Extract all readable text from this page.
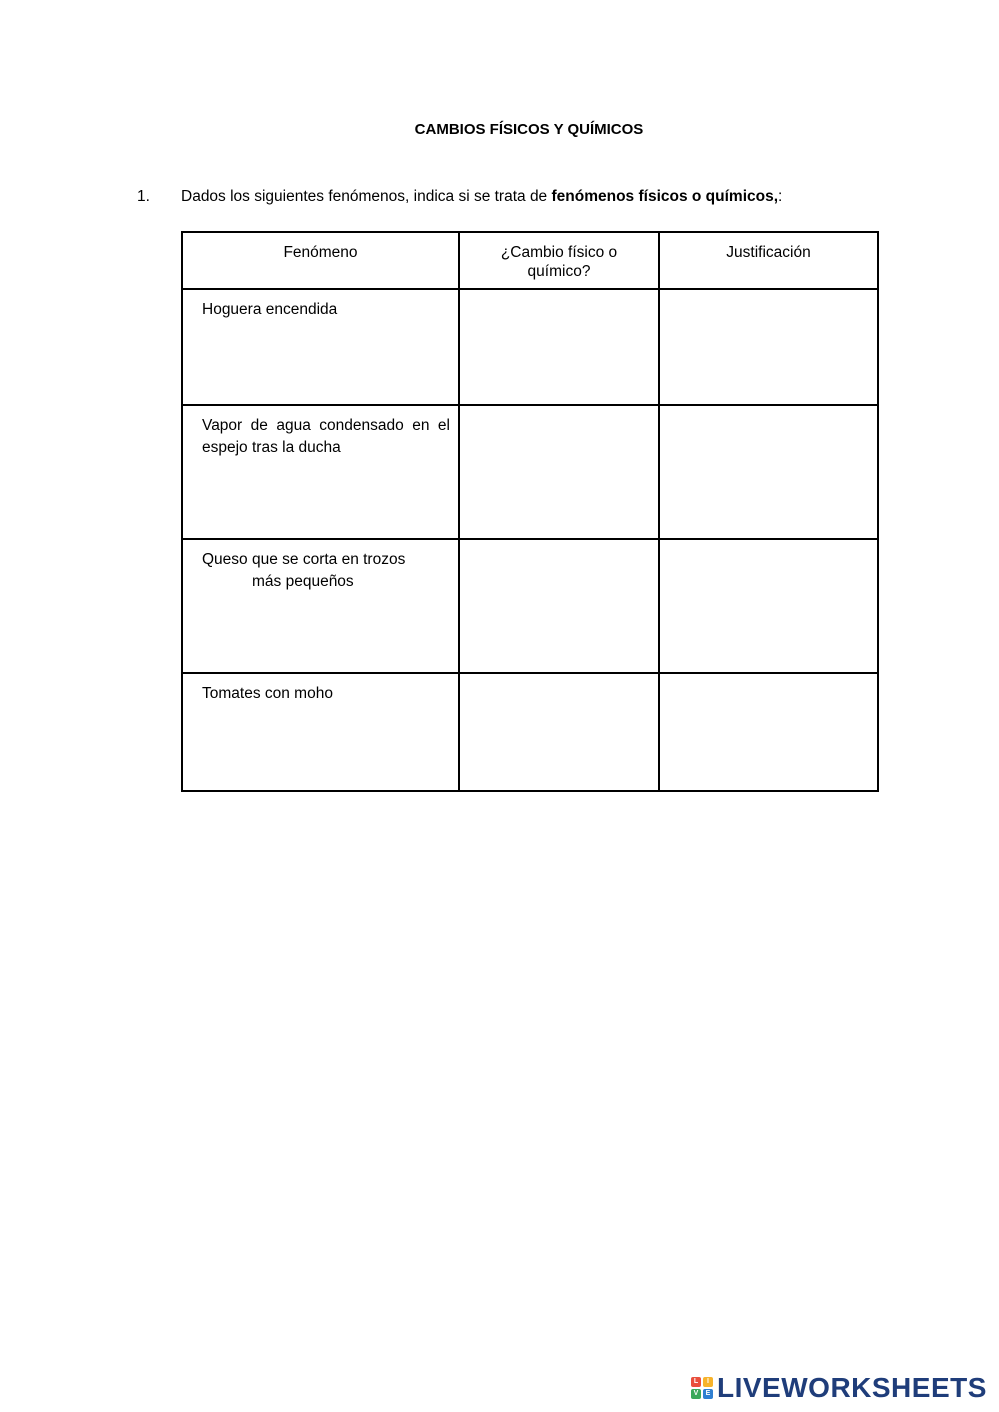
CAMBIOS FÍSICOS Y QUÍMICOS
1. Dados los siguientes fenómenos, indica si se trata de fenómenos físicos o químicos,:
Fenómeno	¿Cambio físico o químico?	Justificación

Hoguera encendida		

Vapor de agua condensado en el espejo tras la ducha		

Queso que se corta en trozos
más pequeños		

Tomates con moho		

L	I
V	E LIVEWORKSHEETS
